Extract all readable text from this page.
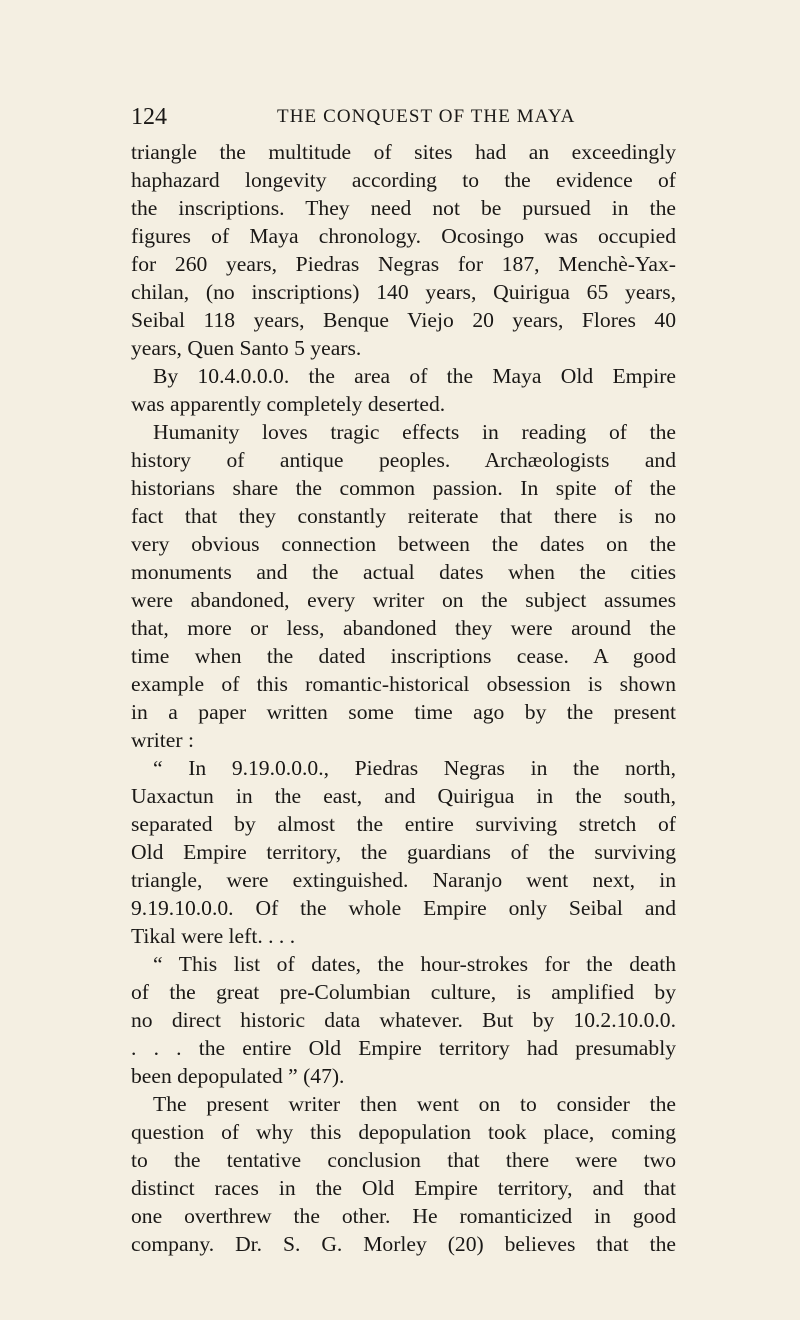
124	THE CONQUEST OF THE MAYA
triangle the multitude of sites had an exceedingly
haphazard longevity according to the evidence of
the inscriptions. They need not be pursued in the
figures of Maya chronology. Ocosingo was occupied
for 260 years, Piedras Negras for 187, Menchè-Yax-
chilan, (no inscriptions) 140 years, Quirigua 65 years,
Seibal 118 years, Benque Viejo 20 years, Flores 40
years, Quen Santo 5 years.
By 10.4.0.0.0. the area of the Maya Old Empire
was apparently completely deserted.
Humanity loves tragic effects in reading of the
history of antique peoples. Archæologists and
historians share the common passion. In spite of the
fact that they constantly reiterate that there is no
very obvious connection between the dates on the
monuments and the actual dates when the cities
were abandoned, every writer on the subject assumes
that, more or less, abandoned they were around the
time when the dated inscriptions cease. A good
example of this romantic-historical obsession is shown
in a paper written some time ago by the present
writer :
“ In 9.19.0.0.0., Piedras Negras in the north,
Uaxactun in the east, and Quirigua in the south,
separated by almost the entire surviving stretch of
Old Empire territory, the guardians of the surviving
triangle, were extinguished. Naranjo went next, in
9.19.10.0.0. Of the whole Empire only Seibal and
Tikal were left. . . .
“ This list of dates, the hour-strokes for the death
of the great pre-Columbian culture, is amplified by
no direct historic data whatever. But by 10.2.10.0.0.
. . . the entire Old Empire territory had presumably
been depopulated ” (47).
The present writer then went on to consider the
question of why this depopulation took place, coming
to the tentative conclusion that there were two
distinct races in the Old Empire territory, and that
one overthrew the other. He romanticized in good
company. Dr. S. G. Morley (20) believes that the
